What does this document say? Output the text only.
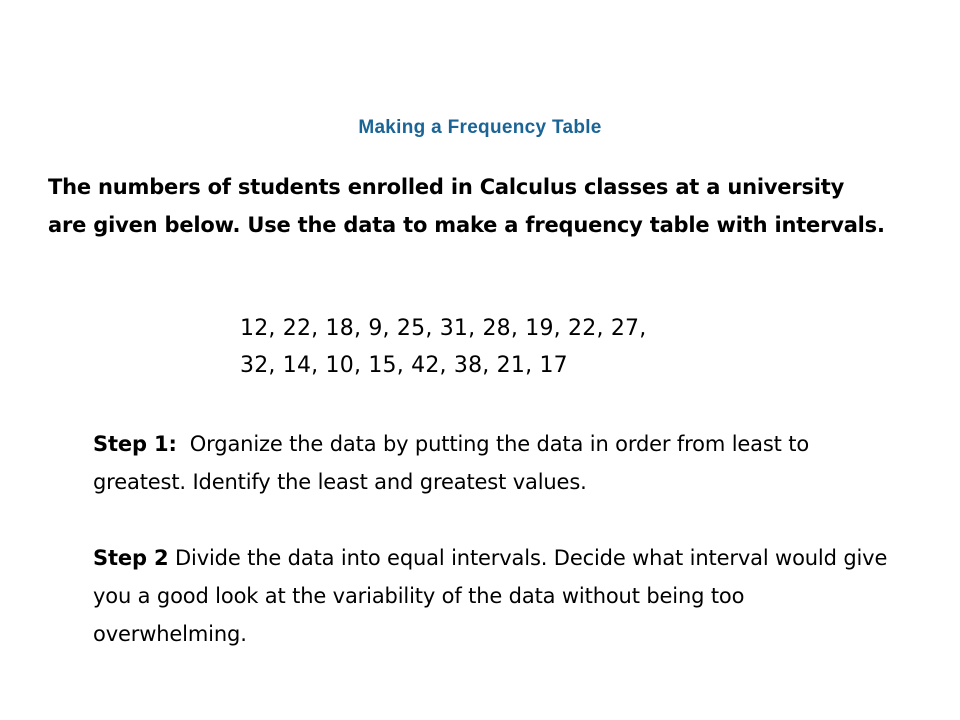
Making a Frequency Table

The numbers of students enrolled in Calculus classes at a university are given below. Use the data to make a frequency table with intervals.

12, 22, 18, 9, 25, 31, 28, 19, 22, 27,
32, 14, 10, 15, 42, 38, 21, 17

Step 1: Organize the data by putting the data in order from least to greatest. Identify the least and greatest values.

Step 2 Divide the data into equal intervals. Decide what interval would give you a good look at the variability of the data without being too overwhelming.
